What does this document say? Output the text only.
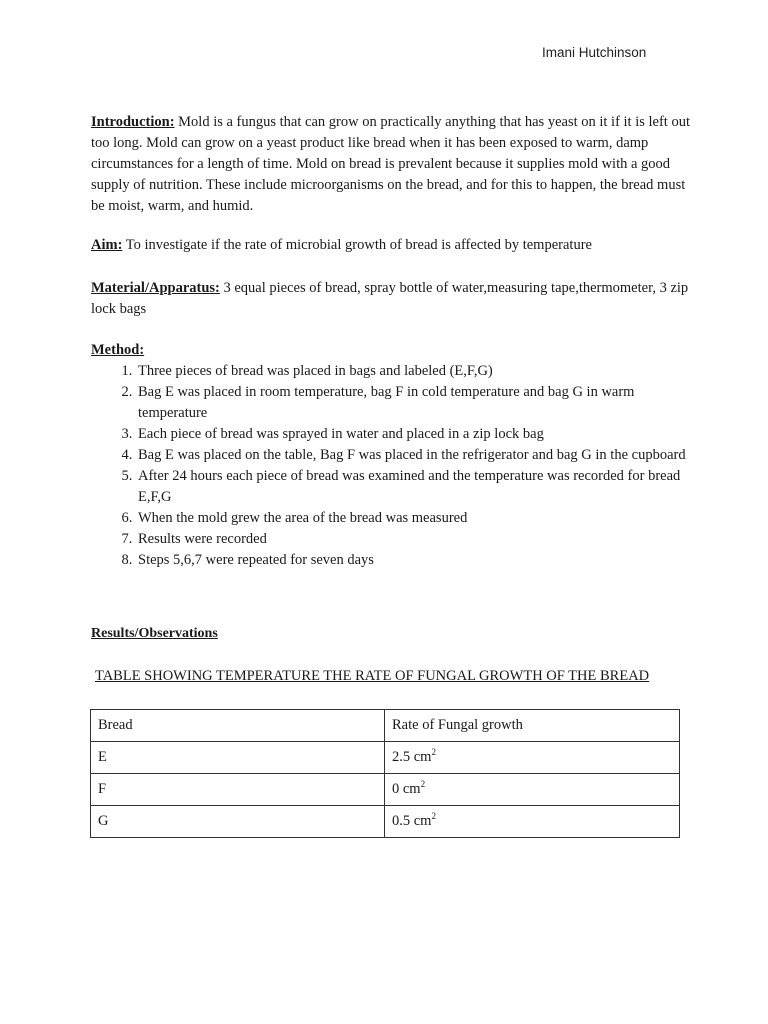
Imani Hutchinson
Introduction: Mold is a fungus that can grow on practically anything that has yeast on it if it is left out too long. Mold can grow on a yeast product like bread when it has been exposed to warm, damp circumstances for a length of time. Mold on bread is prevalent because it supplies mold with a good supply of nutrition. These include microorganisms on the bread, and for this to happen, the bread must be moist, warm, and humid.
Aim: To investigate if the rate of microbial growth of bread is affected by temperature
Material/Apparatus: 3 equal pieces of bread, spray bottle of water,measuring tape,thermometer, 3 zip lock bags
Method:
1. Three pieces of bread was placed in bags and labeled (E,F,G)
2. Bag E was placed in room temperature, bag F in cold temperature and bag G in warm temperature
3. Each piece of bread was sprayed in water and placed in a zip lock bag
4. Bag E was placed on the table, Bag F was placed in the refrigerator and bag G in the cupboard
5. After 24 hours each piece of bread was examined and the temperature was recorded for bread E,F,G
6. When the mold grew the area of the bread was measured
7. Results were recorded
8. Steps 5,6,7 were repeated for seven days
Results/Observations
TABLE SHOWING TEMPERATURE THE RATE OF FUNGAL GROWTH OF THE BREAD
Bread	Rate of Fungal growth
E	2.5 $cm^2$
F	0 $cm^2$
G	0.5 $cm^2$
